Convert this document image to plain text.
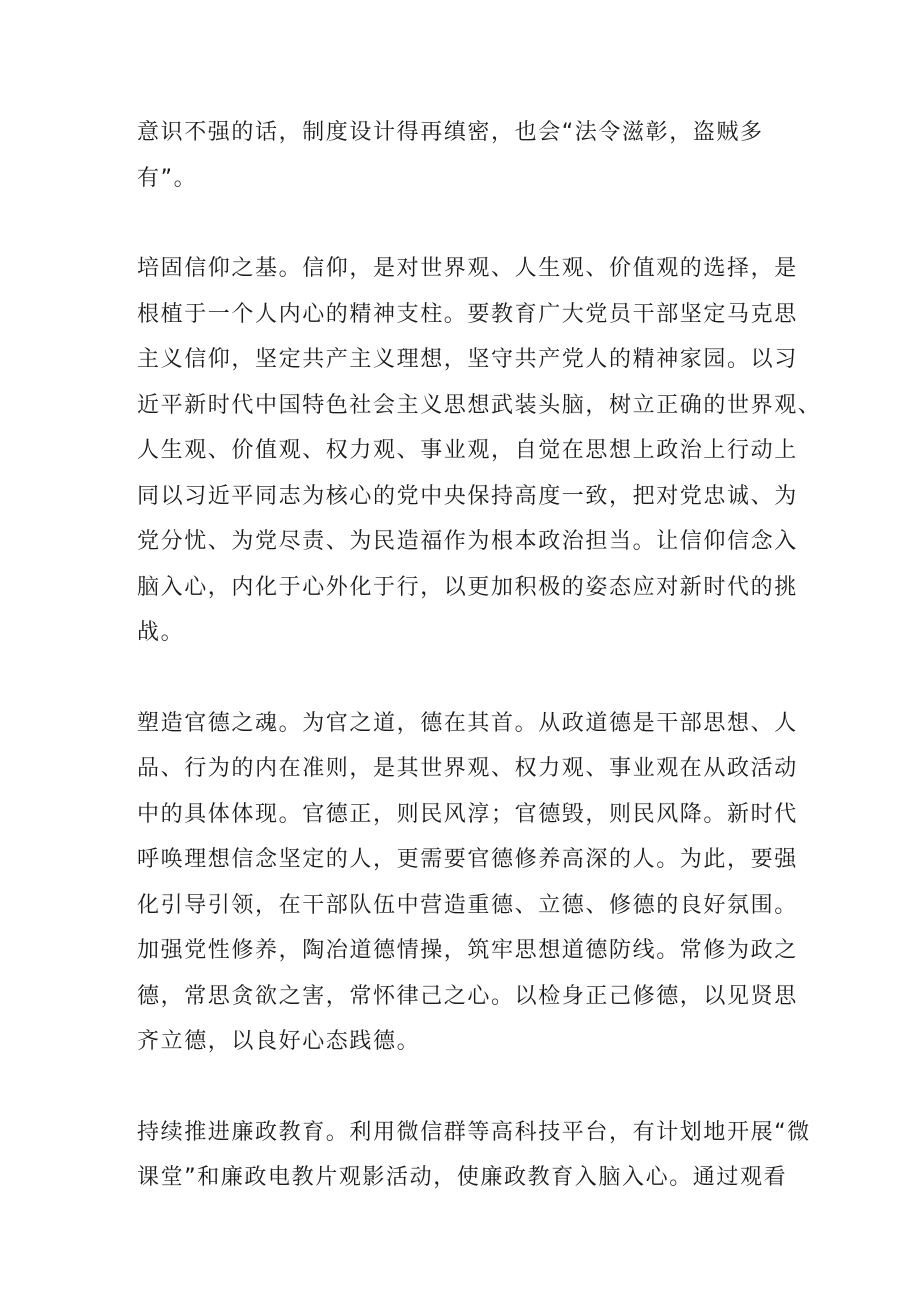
意识不强的话，制度设计得再缜密，也会“法令滋彰，盗贼多
有”。

培固信仰之基。信仰，是对世界观、人生观、价值观的选择，是
根植于一个人内心的精神支柱。要教育广大党员干部坚定马克思
主义信仰，坚定共产主义理想，坚守共产党人的精神家园。以习
近平新时代中国特色社会主义思想武装头脑，树立正确的世界观、
人生观、价值观、权力观、事业观，自觉在思想上政治上行动上
同以习近平同志为核心的党中央保持高度一致，把对党忠诚、为
党分忧、为党尽责、为民造福作为根本政治担当。让信仰信念入
脑入心，内化于心外化于行，以更加积极的姿态应对新时代的挑
战。

塑造官德之魂。为官之道，德在其首。从政道德是干部思想、人
品、行为的内在准则，是其世界观、权力观、事业观在从政活动
中的具体体现。官德正，则民风淳；官德毁，则民风降。新时代
呼唤理想信念坚定的人，更需要官德修养高深的人。为此，要强
化引导引领，在干部队伍中营造重德、立德、修德的良好氛围。
加强党性修养，陶冶道德情操，筑牢思想道德防线。常修为政之
德，常思贪欲之害，常怀律己之心。以检身正己修德，以见贤思
齐立德，以良好心态践德。

持续推进廉政教育。利用微信群等高科技平台，有计划地开展“微
课堂”和廉政电教片观影活动，使廉政教育入脑入心。通过观看
